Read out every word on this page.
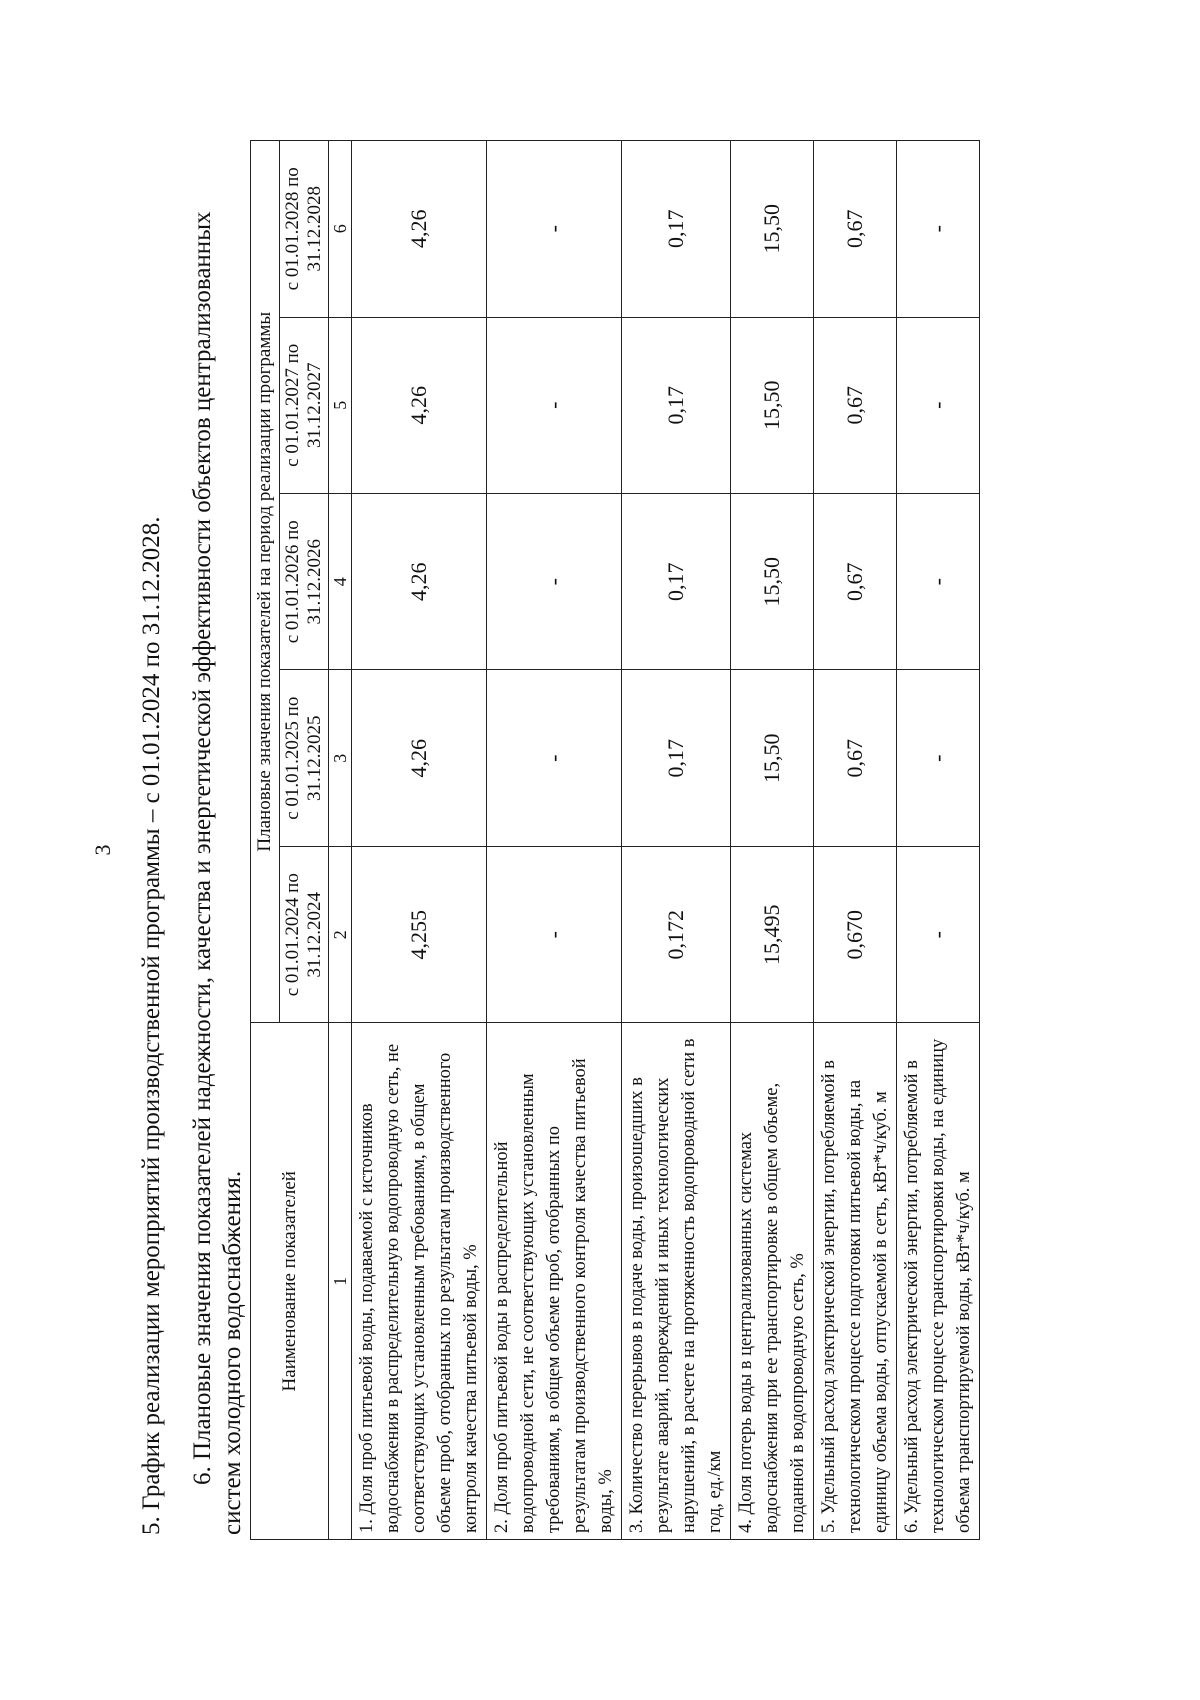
3 5. График реализации мероприятий производственной программы – с 01.01.2024 по 31.12.2028. 6. Плановые значения показателей надежности, качества и энергетической эффективности объектов централизованных систем холодного водоснабжения. Наименование показателей	Плановые значения показателей на период реализации программы				
	с 01.01.2024 по 31.12.2024	с 01.01.2025 по 31.12.2025	с 01.01.2026 по 31.12.2026	с 01.01.2027 по 31.12.2027	с 01.01.2028 по 31.12.2028
1	2	3	4	5	6
1. Доля проб питьевой воды, подаваемой с источников водоснабжения в распределительную водопроводную сеть, не соответствующих установленным требованиям, в общем объеме проб, отобранных по результатам производственного контроля качества питьевой воды, %	4,255	4,26	4,26	4,26	4,26
2. Доля проб питьевой воды в распределительной водопроводной сети, не соответствующих установленным требованиям, в общем объеме проб, отобранных по результатам производственного контроля качества питьевой воды, %	-	-	-	-	-
3. Количество перерывов в подаче воды, произошедших в результате аварий, повреждений и иных технологических нарушений, в расчете на протяженность водопроводной сети в год, ед./км	0,172	0,17	0,17	0,17	0,17
4. Доля потерь воды в централизованных системах водоснабжения при ее транспортировке в общем объеме, поданной в водопроводную сеть, %	15,495	15,50	15,50	15,50	15,50
5. Удельный расход электрической энергии, потребляемой в технологическом процессе подготовки питьевой воды, на единицу объема воды, отпускаемой в сеть, кВт*ч/куб. м	0,670	0,67	0,67	0,67	0,67
6. Удельный расход электрической энергии, потребляемой в технологическом процессе транспортировки воды, на единицу объема транспортируемой воды, кВт*ч/куб. м	-	-	-	-	-
